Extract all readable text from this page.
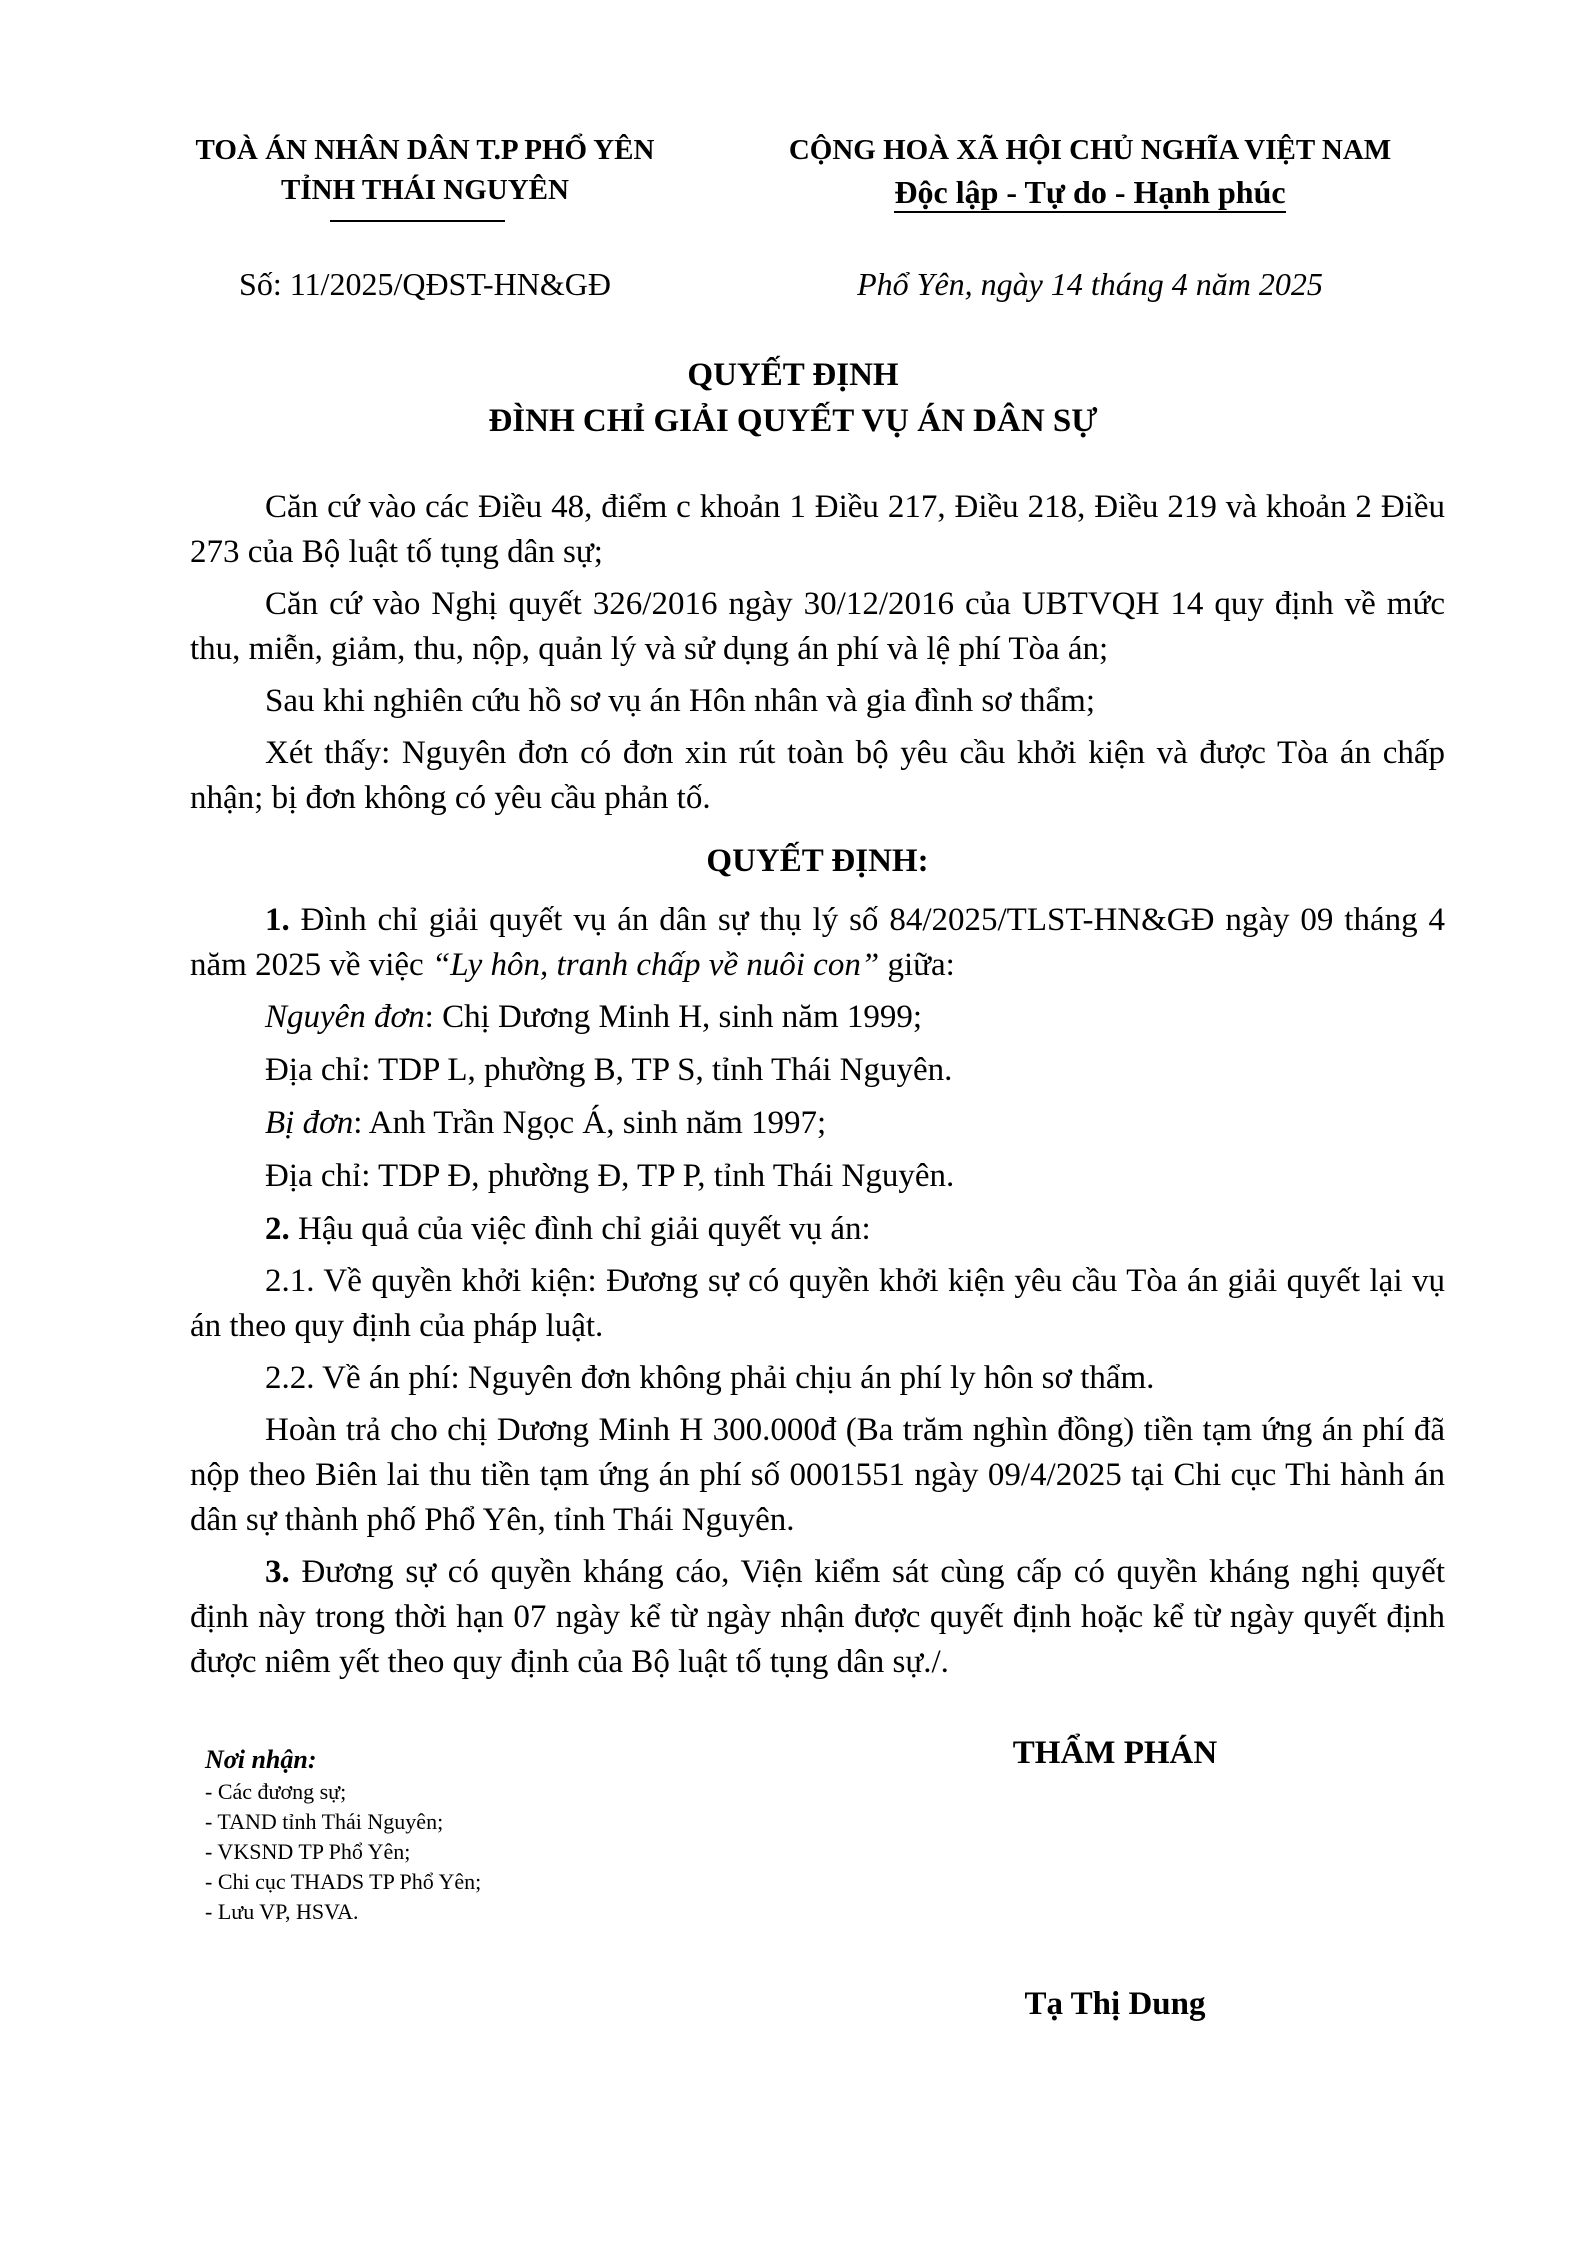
TOÀ ÁN NHÂN DÂN T.P PHỔ YÊN
TỈNH THÁI NGUYÊN
CỘNG HOÀ XÃ HỘI CHỦ NGHĨA VIỆT NAM
Độc lập - Tự do - Hạnh phúc
Số: 11/2025/QĐST-HN&GĐ	Phổ Yên, ngày 14 tháng 4 năm 2025
QUYẾT ĐỊNH
ĐÌNH CHỈ GIẢI QUYẾT VỤ ÁN DÂN SỰ

Căn cứ vào các Điều 48, điểm c khoản 1 Điều 217, Điều 218, Điều 219 và khoản 2 Điều 273 của Bộ luật tố tụng dân sự;

Căn cứ vào Nghị quyết 326/2016 ngày 30/12/2016 của UBTVQH 14 quy định về mức thu, miễn, giảm, thu, nộp, quản lý và sử dụng án phí và lệ phí Tòa án;

Sau khi nghiên cứu hồ sơ vụ án Hôn nhân và gia đình sơ thẩm;

Xét thấy: Nguyên đơn có đơn xin rút toàn bộ yêu cầu khởi kiện và được Tòa án chấp nhận; bị đơn không có yêu cầu phản tố.

QUYẾT ĐỊNH:

1. Đình chỉ giải quyết vụ án dân sự thụ lý số 84/2025/TLST-HN&GĐ ngày 09 tháng 4 năm 2025 về việc “Ly hôn, tranh chấp về nuôi con” giữa:

Nguyên đơn: Chị Dương Minh H, sinh năm 1999;

Địa chỉ: TDP L, phường B, TP S, tỉnh Thái Nguyên.

Bị đơn: Anh Trần Ngọc Á, sinh năm 1997;

Địa chỉ: TDP Đ, phường Đ, TP P, tỉnh Thái Nguyên.

2. Hậu quả của việc đình chỉ giải quyết vụ án:

2.1. Về quyền khởi kiện: Đương sự có quyền khởi kiện yêu cầu Tòa án giải quyết lại vụ án theo quy định của pháp luật.

2.2. Về án phí: Nguyên đơn không phải chịu án phí ly hôn sơ thẩm.

Hoàn trả cho chị Dương Minh H 300.000đ (Ba trăm nghìn đồng) tiền tạm ứng án phí đã nộp theo Biên lai thu tiền tạm ứng án phí số 0001551 ngày 09/4/2025 tại Chi cục Thi hành án dân sự thành phố Phổ Yên, tỉnh Thái Nguyên.

3. Đương sự có quyền kháng cáo, Viện kiểm sát cùng cấp có quyền kháng nghị quyết định này trong thời hạn 07 ngày kể từ ngày nhận được quyết định hoặc kể từ ngày quyết định được niêm yết theo quy định của Bộ luật tố tụng dân sự./.

Nơi nhận:
- Các đương sự;
- TAND tỉnh Thái Nguyên;
- VKSND TP Phổ Yên;
- Chi cục THADS TP Phổ Yên;
- Lưu VP, HSVA.
THẨM PHÁN
Tạ Thị Dung
